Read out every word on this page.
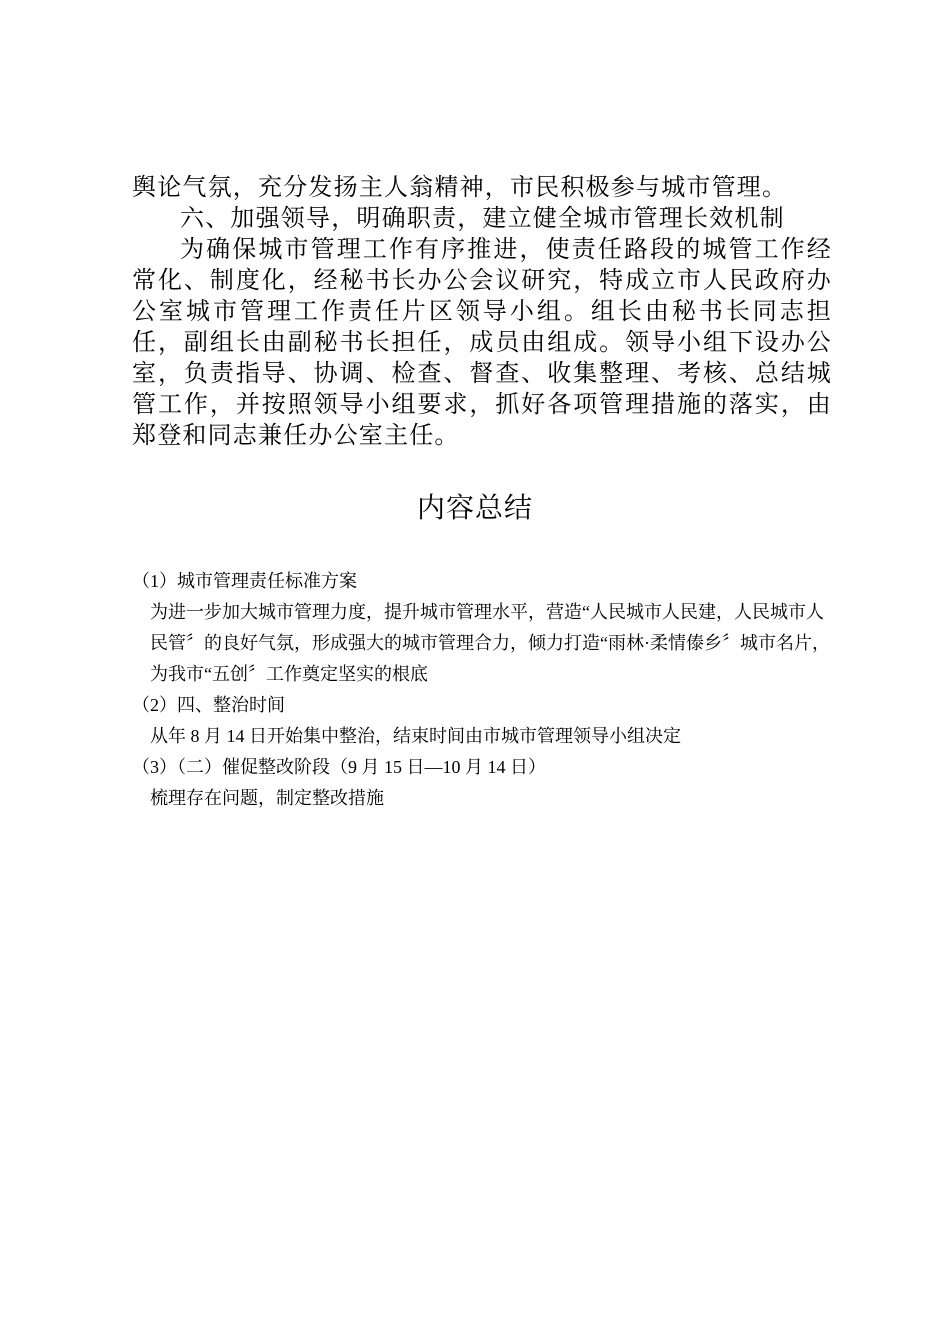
舆论气氛，充分发扬主人翁精神，市民积极参与城市管理。

六、加强领导，明确职责，建立健全城市管理长效机制

为确保城市管理工作有序推进，使责任路段的城管工作经常化、制度化，经秘书长办公会议研究，特成立市人民政府办公室城市管理工作责任片区领导小组。组长由秘书长同志担任，副组长由副秘书长担任，成员由组成。领导小组下设办公室，负责指导、协调、检查、督查、收集整理、考核、总结城管工作，并按照领导小组要求，抓好各项管理措施的落实，由郑登和同志兼任办公室主任。

内容总结

（1）城市管理责任标准方案

为进一步加大城市管理力度，提升城市管理水平，营造“人民城市人民建，人民城市人民管〞的良好气氛，形成强大的城市管理合力，倾力打造“雨林·柔情傣乡〞城市名片，为我市“五创〞工作奠定坚实的根底

（2）四、整治时间

从年 8 月 14 日开始集中整治，结束时间由市城市管理领导小组决定

（3）（二）催促整改阶段（9 月 15 日—10 月 14 日）

梳理存在问题，制定整改措施
